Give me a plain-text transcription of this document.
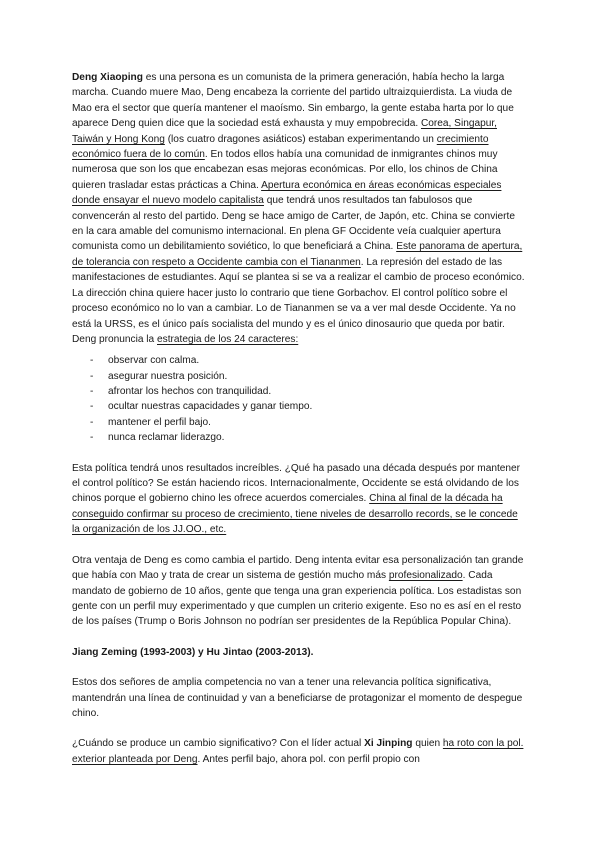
Deng Xiaoping es una persona es un comunista de la primera generación, había hecho la larga marcha. Cuando muere Mao, Deng encabeza la corriente del partido ultraizquierdista. La viuda de Mao era el sector que quería mantener el maoísmo. Sin embargo, la gente estaba harta por lo que aparece Deng quien dice que la sociedad está exhausta y muy empobrecida. Corea, Singapur, Taiwán y Hong Kong (los cuatro dragones asiáticos) estaban experimentando un crecimiento económico fuera de lo común. En todos ellos había una comunidad de inmigrantes chinos muy numerosa que son los que encabezan esas mejoras económicas. Por ello, los chinos de China quieren trasladar estas prácticas a China. Apertura económica en áreas económicas especiales donde ensayar el nuevo modelo capitalista que tendrá unos resultados tan fabulosos que convencerán al resto del partido. Deng se hace amigo de Carter, de Japón, etc. China se convierte en la cara amable del comunismo internacional. En plena GF Occidente veía cualquier apertura comunista como un debilitamiento soviético, lo que beneficiará a China. Este panorama de apertura, de tolerancia con respeto a Occidente cambia con el Tiananmen. La represión del estado de las manifestaciones de estudiantes. Aquí se plantea si se va a realizar el cambio de proceso económico. La dirección china quiere hacer justo lo contrario que tiene Gorbachov. El control político sobre el proceso económico no lo van a cambiar. Lo de Tiananmen se va a ver mal desde Occidente. Ya no está la URSS, es el único país socialista del mundo y es el único dinosaurio que queda por batir. Deng pronuncia la estrategia de los 24 caracteres:

- observar con calma.
- asegurar nuestra posición.
- afrontar los hechos con tranquilidad.
- ocultar nuestras capacidades y ganar tiempo.
- mantener el perfil bajo.
- nunca reclamar liderazgo.

Esta política tendrá unos resultados increíbles. ¿Qué ha pasado una década después por mantener el control político? Se están haciendo ricos. Internacionalmente, Occidente se está olvidando de los chinos porque el gobierno chino les ofrece acuerdos comerciales. China al final de la década ha conseguido confirmar su proceso de crecimiento, tiene niveles de desarrollo records, se le concede la organización de los JJ.OO., etc.

Otra ventaja de Deng es como cambia el partido. Deng intenta evitar esa personalización tan grande que había con Mao y trata de crear un sistema de gestión mucho más profesionalizado. Cada mandato de gobierno de 10 años, gente que tenga una gran experiencia política. Los estadistas son gente con un perfil muy experimentado y que cumplen un criterio exigente. Eso no es así en el resto de los países (Trump o Boris Johnson no podrían ser presidentes de la República Popular China).

Jiang Zeming (1993-2003) y Hu Jintao (2003-2013).

Estos dos señores de amplia competencia no van a tener una relevancia política significativa, mantendrán una línea de continuidad y van a beneficiarse de protagonizar el momento de despegue chino.

¿Cuándo se produce un cambio significativo? Con el líder actual Xi Jinping quien ha roto con la pol. exterior planteada por Deng. Antes perfil bajo, ahora pol. con perfil propio con
